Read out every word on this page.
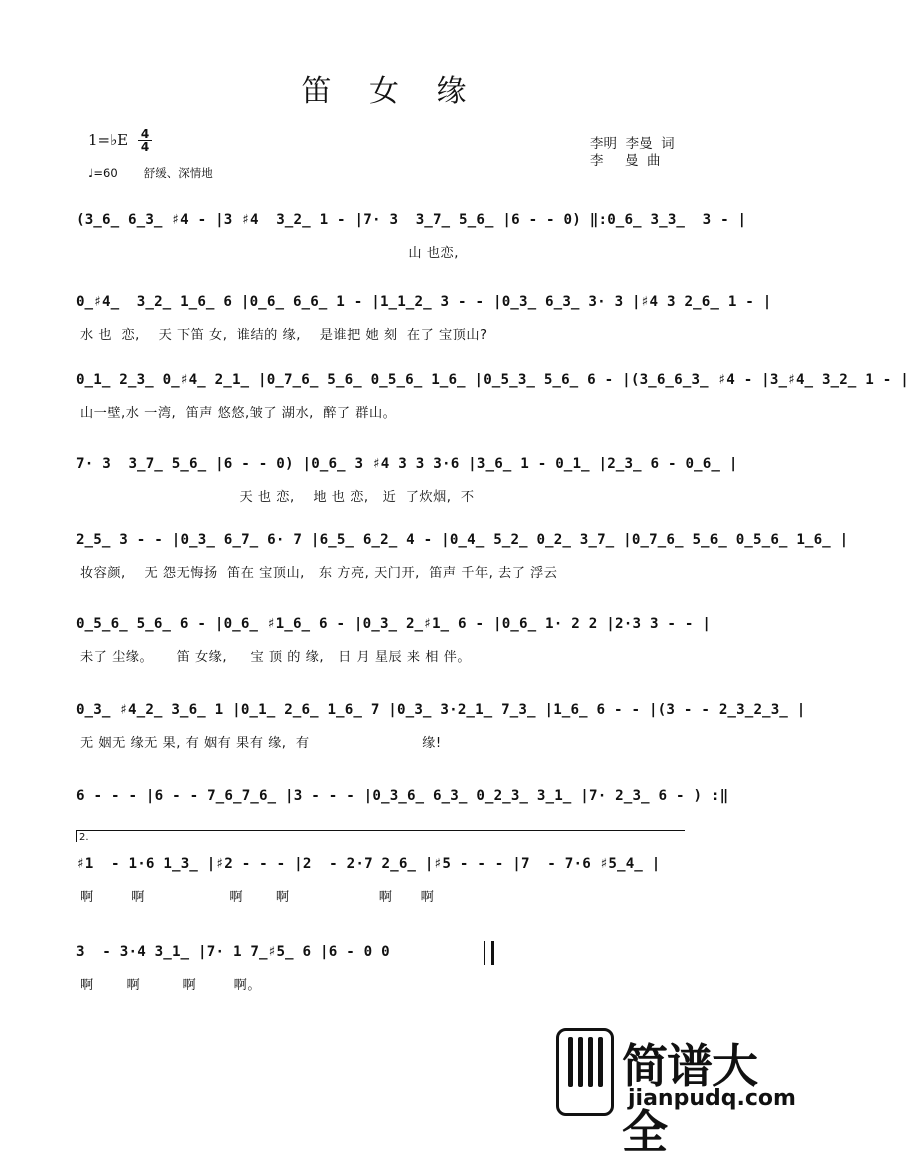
笛 女 缘
1=♭E 4
4
♩=60 舒缓、深情地
李明  李曼  词
李     曼  曲
(3̲6̲ 6̲3̲ ♯4 - |3 ♯4  3̲2̲ 1 - |7· 3  3̲7̲ 5̲6̲ |6 - - 0) ‖:0̲6̲ 3̲3̲  3 - |
山 也恋,
0̲♯4̲  3̲2̲ 1̲6̲ 6 |0̲6̲ 6̲6̲ 1 - |1̲1̲2̲ 3 - - |0̲3̲ 6̲3̲ 3· 3 |♯4 3 2̲6̲ 1 - |
水 也  恋,    天 下笛 女,  谁结的 缘,    是谁把 她 刻  在了 宝顶山?
0̲1̲ 2̲3̲ 0̲♯4̲ 2̲1̲ |0̲7̲6̲ 5̲6̲ 0̲5̲6̲ 1̲6̲ |0̲5̲3̲ 5̲6̲ 6 - |(3̲6̲6̲3̲ ♯4 - |3̲♯4̲ 3̲2̲ 1 - |
山一壁,水 一湾,  笛声 悠悠,皱了 湖水,  醉了 群山。
7· 3  3̲7̲ 5̲6̲ |6 - - 0) |0̲6̲ 3 ♯4 3 3 3·6 |3̲6̲ 1 - 0̲1̲ |2̲3̲ 6 - 0̲6̲ |
天 也 恋,    地 也 恋,   近  了炊烟,  不
2̲5̲ 3 - - |0̲3̲ 6̲7̲ 6· 7 |6̲5̲ 6̲2̲ 4 - |0̲4̲ 5̲2̲ 0̲2̲ 3̲7̲ |0̲7̲6̲ 5̲6̲ 0̲5̲6̲ 1̲6̲ |
妆容颜,    无 怨无悔扬  笛在 宝顶山,   东 方亮, 天门开,  笛声 千年, 去了 浮云
0̲5̲6̲ 5̲6̲ 6 - |0̲6̲ ♯1̲6̲ 6 - |0̲3̲ 2̲♯1̲ 6 - |0̲6̲ 1· 2 2 |2·3 3 - - |
未了 尘缘。     笛 女缘,     宝 顶 的 缘,   日 月 星辰 来 相 伴。
0̲3̲ ♯4̲2̲ 3̲6̲ 1 |0̲1̲ 2̲6̲ 1̲6̲ 7 |0̲3̲ 3·2̲1̲ 7̲3̲ |1̲6̲ 6 - - |(3 - - 2̲3̲2̲3̲ |
无 姻无 缘无 果, 有 姻有 果有 缘,  有                        缘!
6 - - - |6 - - 7̲6̲7̲6̲ |3 - - - |0̲3̲6̲ 6̲3̲ 0̲2̲3̲ 3̲1̲ |7· 2̲3̲ 6 - ) :‖
♯1  - 1·6 1̲3̲ |♯2 - - - |2  - 2·7 2̲6̲ |♯5 - - - |7  - 7·6 ♯5̲4̲ |
啊        啊                  啊       啊                   啊      啊
3  - 3·4 3̲1̲ |7· 1 7̲♯5̲ 6 |6 - 0 0
啊       啊         啊        啊。
2.
简谱大全
jianpudq.com
